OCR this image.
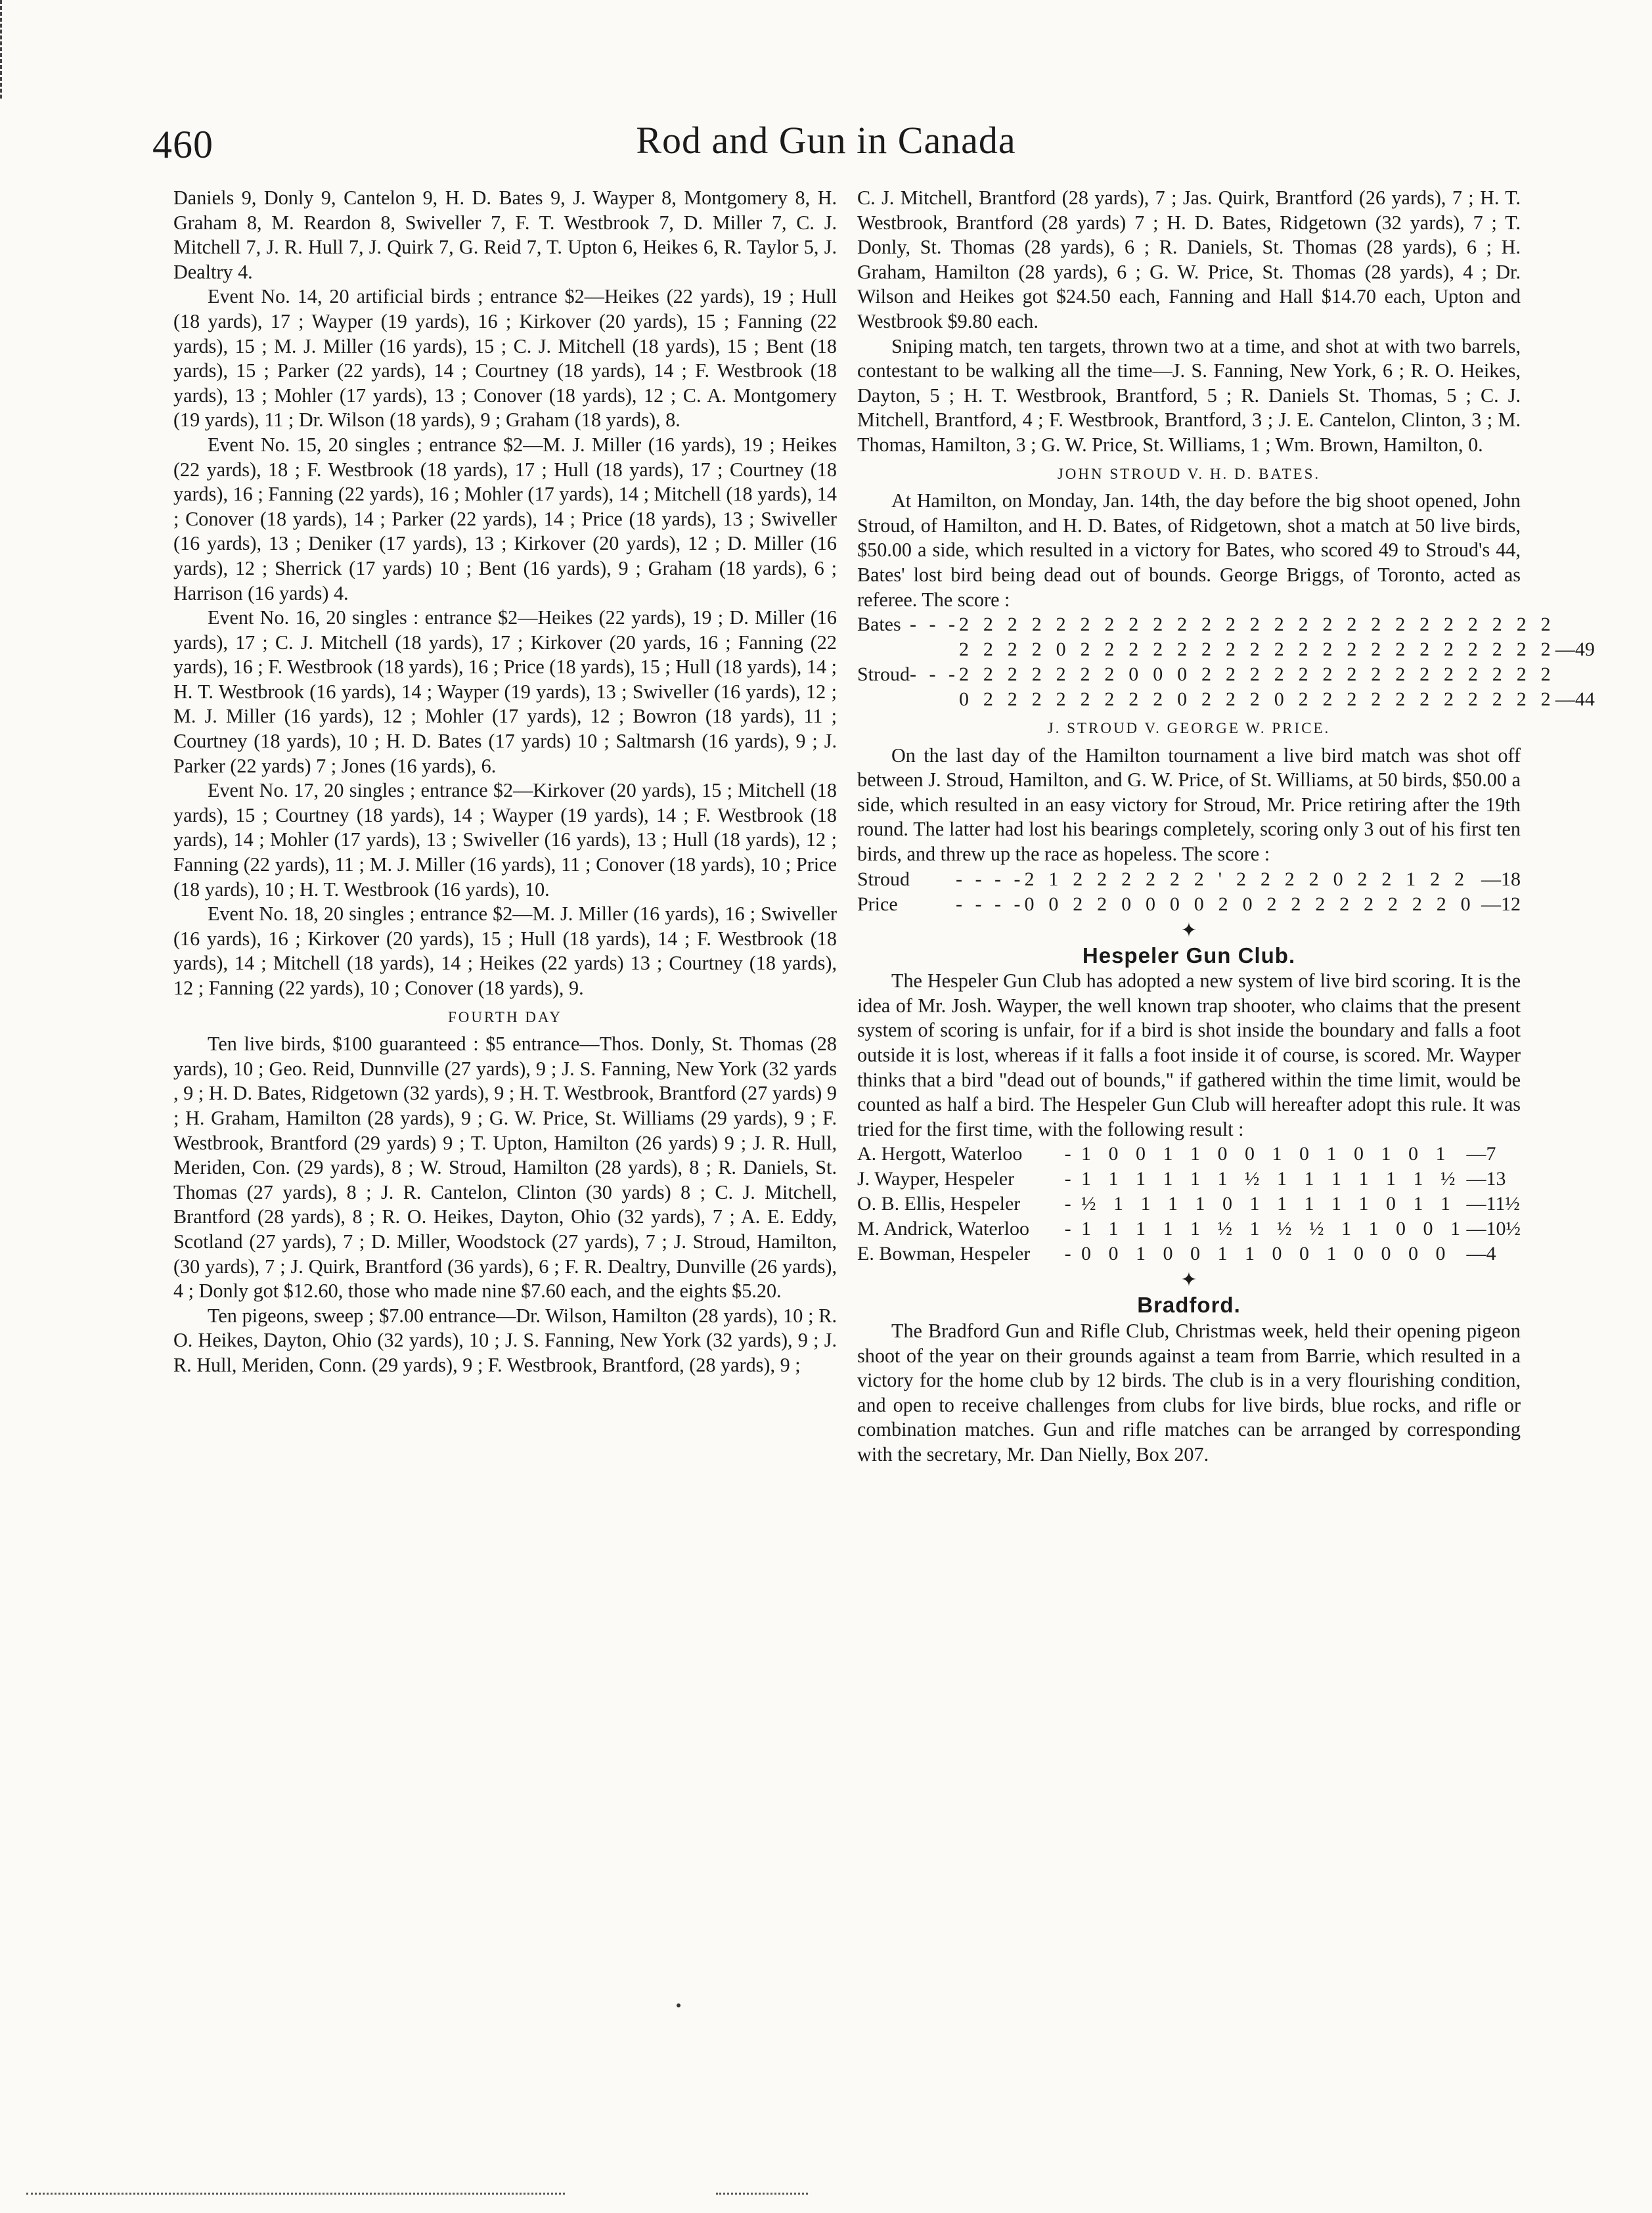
460	Rod and Gun in Canada

Daniels 9, Donly 9, Cantelon 9, H. D. Bates 9, J. Wayper 8, Montgomery 8, H. Graham 8, M. Reardon 8, Swiveller 7, F. T. Westbrook 7, D. Miller 7, C. J. Mitchell 7, J. R. Hull 7, J. Quirk 7, G. Reid 7, T. Upton 6, Heikes 6, R. Taylor 5, J. Dealtry 4.

Event No. 14, 20 artificial birds ; entrance $2—Heikes (22 yards), 19 ; Hull (18 yards), 17 ; Wayper (19 yards), 16 ; Kirkover (20 yards), 15 ; Fanning (22 yards), 15 ; M. J. Miller (16 yards), 15 ; C. J. Mitchell (18 yards), 15 ; Bent (18 yards), 15 ; Parker (22 yards), 14 ; Courtney (18 yards), 14 ; F. Westbrook (18 yards), 13 ; Mohler (17 yards), 13 ; Conover (18 yards), 12 ; C. A. Montgomery (19 yards), 11 ; Dr. Wilson (18 yards), 9 ; Graham (18 yards), 8.

Event No. 15, 20 singles ; entrance $2—M. J. Miller (16 yards), 19 ; Heikes (22 yards), 18 ; F. Westbrook (18 yards), 17 ; Hull (18 yards), 17 ; Courtney (18 yards), 16 ; Fanning (22 yards), 16 ; Mohler (17 yards), 14 ; Mitchell (18 yards), 14 ; Conover (18 yards), 14 ; Parker (22 yards), 14 ; Price (18 yards), 13 ; Swiveller (16 yards), 13 ; Deniker (17 yards), 13 ; Kirkover (20 yards), 12 ; D. Miller (16 yards), 12 ; Sherrick (17 yards) 10 ; Bent (16 yards), 9 ; Graham (18 yards), 6 ; Harrison (16 yards) 4.

Event No. 16, 20 singles : entrance $2—Heikes (22 yards), 19 ; D. Miller (16 yards), 17 ; C. J. Mitchell (18 yards), 17 ; Kirkover (20 yards, 16 ; Fanning (22 yards), 16 ; F. Westbrook (18 yards), 16 ; Price (18 yards), 15 ; Hull (18 yards), 14 ; H. T. Westbrook (16 yards), 14 ; Wayper (19 yards), 13 ; Swiveller (16 yards), 12 ; M. J. Miller (16 yards), 12 ; Mohler (17 yards), 12 ; Bowron (18 yards), 11 ; Courtney (18 yards), 10 ; H. D. Bates (17 yards) 10 ; Saltmarsh (16 yards), 9 ; J. Parker (22 yards) 7 ; Jones (16 yards), 6.

Event No. 17, 20 singles ; entrance $2—Kirkover (20 yards), 15 ; Mitchell (18 yards), 15 ; Courtney (18 yards), 14 ; Wayper (19 yards), 14 ; F. Westbrook (18 yards), 14 ; Mohler (17 yards), 13 ; Swiveller (16 yards), 13 ; Hull (18 yards), 12 ; Fanning (22 yards), 11 ; M. J. Miller (16 yards), 11 ; Conover (18 yards), 10 ; Price (18 yards), 10 ; H. T. Westbrook (16 yards), 10.

Event No. 18, 20 singles ; entrance $2—M. J. Miller (16 yards), 16 ; Swiveller (16 yards), 16 ; Kirkover (20 yards), 15 ; Hull (18 yards), 14 ; F. Westbrook (18 yards), 14 ; Mitchell (18 yards), 14 ; Heikes (22 yards) 13 ; Courtney (18 yards), 12 ; Fanning (22 yards), 10 ; Conover (18 yards), 9.

FOURTH DAY

Ten live birds, $100 guaranteed : $5 entrance—Thos. Donly, St. Thomas (28 yards), 10 ; Geo. Reid, Dunnville (27 yards), 9 ; J. S. Fanning, New York (32 yards , 9 ; H. D. Bates, Ridgetown (32 yards), 9 ; H. T. Westbrook, Brantford (27 yards) 9 ; H. Graham, Hamilton (28 yards), 9 ; G. W. Price, St. Williams (29 yards), 9 ; F. Westbrook, Brantford (29 yards) 9 ; T. Upton, Hamilton (26 yards) 9 ; J. R. Hull, Meriden, Con. (29 yards), 8 ; W. Stroud, Hamilton (28 yards), 8 ; R. Daniels, St. Thomas (27 yards), 8 ; J. R. Cantelon, Clinton (30 yards) 8 ; C. J. Mitchell, Brantford (28 yards), 8 ; R. O. Heikes, Dayton, Ohio (32 yards), 7 ; A. E. Eddy, Scotland (27 yards), 7 ; D. Miller, Woodstock (27 yards), 7 ; J. Stroud, Hamilton, (30 yards), 7 ; J. Quirk, Brantford (36 yards), 6 ; F. R. Dealtry, Dunville (26 yards), 4 ; Donly got $12.60, those who made nine $7.60 each, and the eights $5.20.

Ten pigeons, sweep ; $7.00 entrance—Dr. Wilson, Hamilton (28 yards), 10 ; R. O. Heikes, Dayton, Ohio (32 yards), 10 ; J. S. Fanning, New York (32 yards), 9 ; J. R. Hull, Meriden, Conn. (29 yards), 9 ; F. Westbrook, Brantford, (28 yards), 9 ;

C. J. Mitchell, Brantford (28 yards), 7 ; Jas. Quirk, Brantford (26 yards), 7 ; H. T. Westbrook, Brantford (28 yards) 7 ; H. D. Bates, Ridgetown (32 yards), 7 ; T. Donly, St. Thomas (28 yards), 6 ; R. Daniels, St. Thomas (28 yards), 6 ; H. Graham, Hamilton (28 yards), 6 ; G. W. Price, St. Thomas (28 yards), 4 ; Dr. Wilson and Heikes got $24.50 each, Fanning and Hall $14.70 each, Upton and Westbrook $9.80 each.

Sniping match, ten targets, thrown two at a time, and shot at with two barrels, contestant to be walking all the time—J. S. Fanning, New York, 6 ; R. O. Heikes, Dayton, 5 ; H. T. Westbrook, Brantford, 5 ; R. Daniels St. Thomas, 5 ; C. J. Mitchell, Brantford, 4 ; F. Westbrook, Brantford, 3 ; J. E. Cantelon, Clinton, 3 ; M. Thomas, Hamilton, 3 ; G. W. Price, St. Williams, 1 ; Wm. Brown, Hamilton, 0.

JOHN STROUD V. H. D. BATES.

At Hamilton, on Monday, Jan. 14th, the day before the big shoot opened, John Stroud, of Hamilton, and H. D. Bates, of Ridgetown, shot a match at 50 live birds, $50.00 a side, which resulted in a victory for Bates, who scored 49 to Stroud's 44, Bates' lost bird being dead out of bounds. George Briggs, of Toronto, acted as referee. The score :

Bates	- - -	2 2 2 2 2 2 2 2 2 2 2 2 2 2 2 2 2 2 2 2 2 2 2 2 2	
		2 2 2 2 0 2 2 2 2 2 2 2 2 2 2 2 2 2 2 2 2 2 2 2 2	—49
Stroud	- - -	2 2 2 2 2 2 2 0 0 0 2 2 2 2 2 2 2 2 2 2 2 2 2 2 2	
		0 2 2 2 2 2 2 2 2 0 2 2 2 0 2 2 2 2 2 2 2 2 2 2 2	—44
J. STROUD V. GEORGE W. PRICE.

On the last day of the Hamilton tournament a live bird match was shot off between J. Stroud, Hamilton, and G. W. Price, of St. Williams, at 50 birds, $50.00 a side, which resulted in an easy victory for Stroud, Mr. Price retiring after the 19th round. The latter had lost his bearings completely, scoring only 3 out of his first ten birds, and threw up the race as hopeless. The score :

Stroud	- - - -	2 1 2 2 2 2 2 2 ' 2 2 2 2 0 2 2 1 2 2	—18
Price	- - - -	0 0 2 2 0 0 0 0 2 0 2 2 2 2 2 2 2 2 0	—12
✦
Hespeler Gun Club.

The Hespeler Gun Club has adopted a new system of live bird scoring. It is the idea of Mr. Josh. Wayper, the well known trap shooter, who claims that the present system of scoring is unfair, for if a bird is shot inside the boundary and falls a foot outside it is lost, whereas if it falls a foot inside it of course, is scored. Mr. Wayper thinks that a bird "dead out of bounds," if gathered within the time limit, would be counted as half a bird. The Hespeler Gun Club will hereafter adopt this rule. It was tried for the first time, with the following result :

A. Hergott, Waterloo	-	1 0 0 1 1 0 0 1 0 1 0 1 0 1	—7
J. Wayper, Hespeler	-	1 1 1 1 1 1 ½ 1 1 1 1 1 1 ½	—13
O. B. Ellis, Hespeler	-	½ 1 1 1 1 0 1 1 1 1 1 0 1 1	—11½
M. Andrick, Waterloo	-	1 1 1 1 1 ½ 1 ½ ½ 1 1 0 0 1	—10½
E. Bowman, Hespeler	-	0 0 1 0 0 1 1 0 0 1 0 0 0 0	—4
✦
Bradford.

The Bradford Gun and Rifle Club, Christmas week, held their opening pigeon shoot of the year on their grounds against a team from Barrie, which resulted in a victory for the home club by 12 birds. The club is in a very flourishing condition, and open to receive challenges from clubs for live birds, blue rocks, and rifle or combination matches. Gun and rifle matches can be arranged by corresponding with the secretary, Mr. Dan Nielly, Box 207.
